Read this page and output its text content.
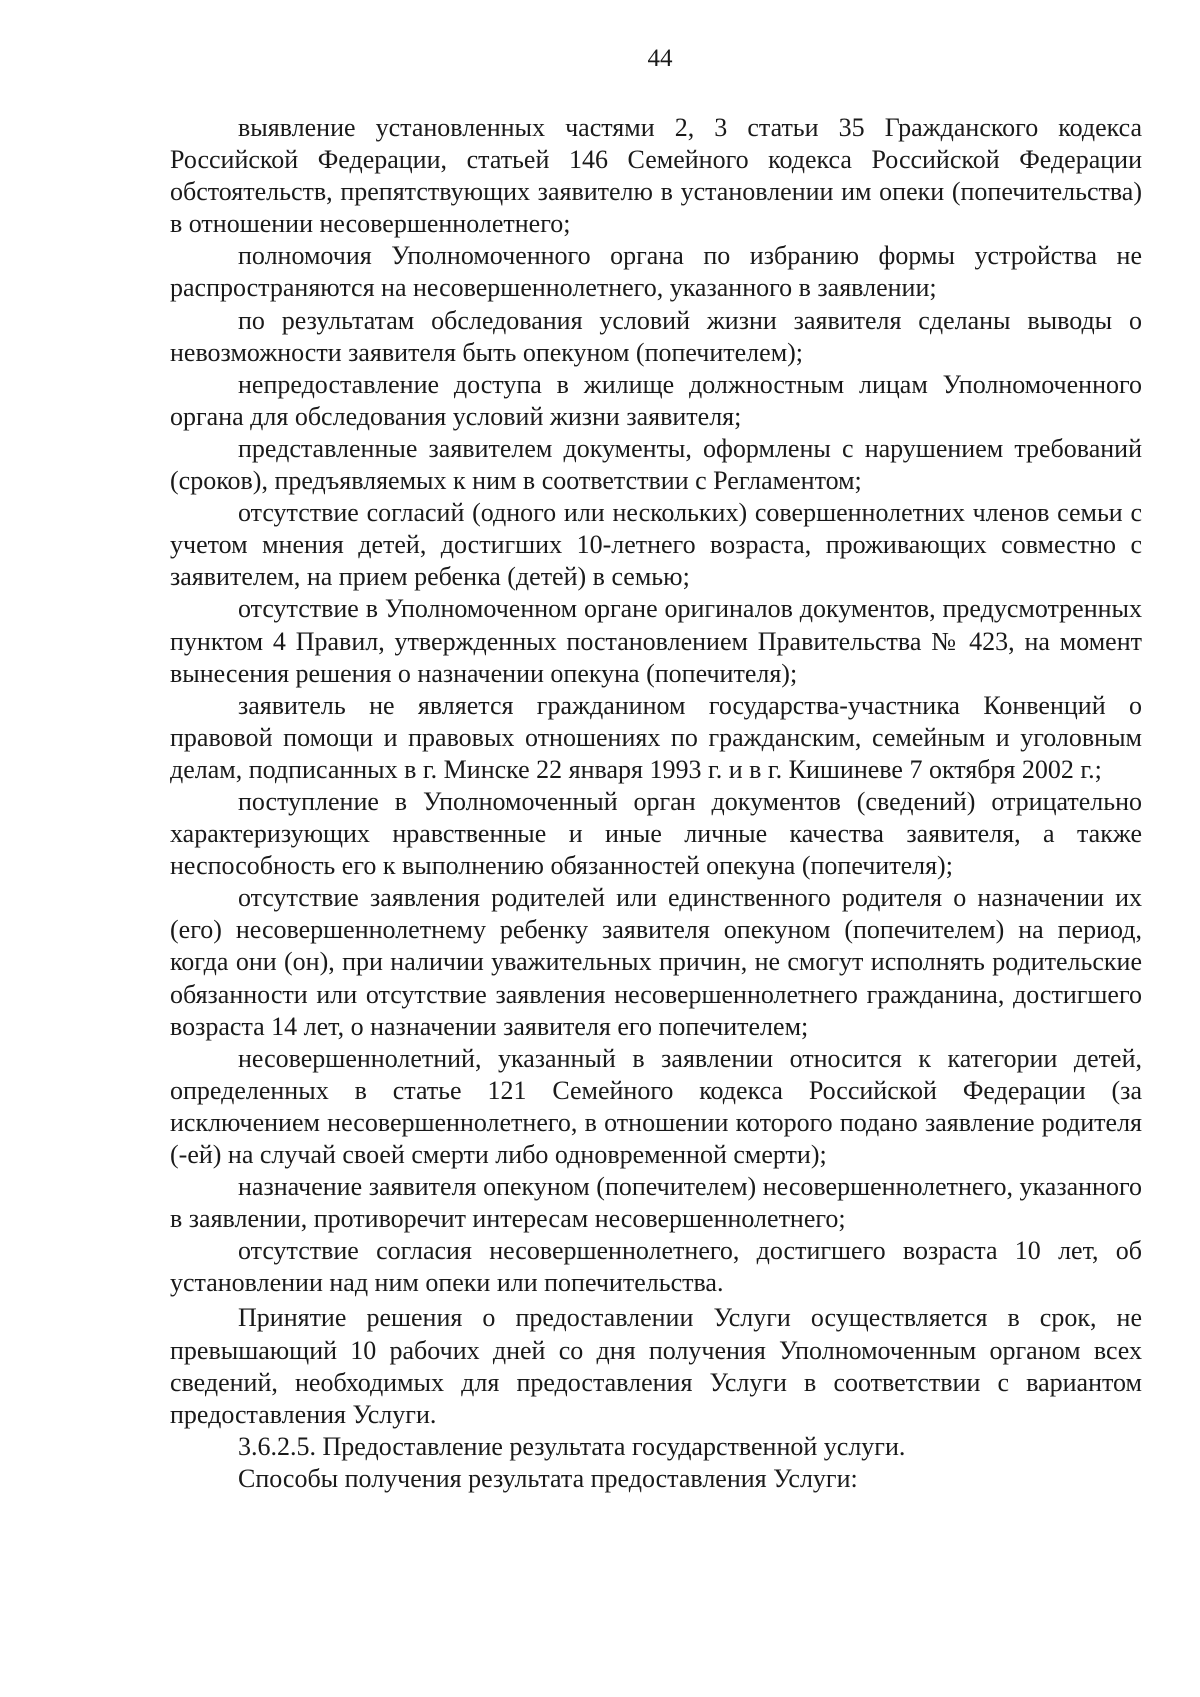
44

выявление установленных частями 2, 3 статьи 35 Гражданского кодекса Российской Федерации, статьей 146 Семейного кодекса Российской Федерации обстоятельств, препятствующих заявителю в установлении им опеки (попечительства) в отношении несовершеннолетнего;

полномочия Уполномоченного органа по избранию формы устройства не распространяются на несовершеннолетнего, указанного в заявлении;

по результатам обследования условий жизни заявителя сделаны выводы о невозможности заявителя быть опекуном (попечителем);

непредоставление доступа в жилище должностным лицам Уполномоченного органа для обследования условий жизни заявителя;

представленные заявителем документы, оформлены с нарушением требований (сроков), предъявляемых к ним в соответствии с Регламентом;

отсутствие согласий (одного или нескольких) совершеннолетних членов семьи с учетом мнения детей, достигших 10-летнего возраста, проживающих совместно с заявителем, на прием ребенка (детей) в семью;

отсутствие в Уполномоченном органе оригиналов документов, предусмотренных пунктом 4 Правил, утвержденных постановлением Правительства № 423, на момент вынесения решения о назначении опекуна (попечителя);

заявитель не является гражданином государства-участника Конвенций о правовой помощи и правовых отношениях по гражданским, семейным и уголовным делам, подписанных в г. Минске 22 января 1993 г. и в г. Кишиневе 7 октября 2002 г.;

поступление в Уполномоченный орган документов (сведений) отрицательно характеризующих нравственные и иные личные качества заявителя, а также неспособность его к выполнению обязанностей опекуна (попечителя);

отсутствие заявления родителей или единственного родителя о назначении их (его) несовершеннолетнему ребенку заявителя опекуном (попечителем) на период, когда они (он), при наличии уважительных причин, не смогут исполнять родительские обязанности или отсутствие заявления несовершеннолетнего гражданина, достигшего возраста 14 лет, о назначении заявителя его попечителем;

несовершеннолетний, указанный в заявлении относится к категории детей, определенных в статье 121 Семейного кодекса Российской Федерации (за исключением несовершеннолетнего, в отношении которого подано заявление родителя (-ей) на случай своей смерти либо одновременной смерти);

назначение заявителя опекуном (попечителем) несовершеннолетнего, указанного в заявлении, противоречит интересам несовершеннолетнего;

отсутствие согласия несовершеннолетнего, достигшего возраста 10 лет, об установлении над ним опеки или попечительства.

Принятие решения о предоставлении Услуги осуществляется в срок, не превышающий 10 рабочих дней со дня получения Уполномоченным органом всех сведений, необходимых для предоставления Услуги в соответствии с вариантом предоставления Услуги.

3.6.2.5. Предоставление результата государственной услуги.

Способы получения результата предоставления Услуги:
